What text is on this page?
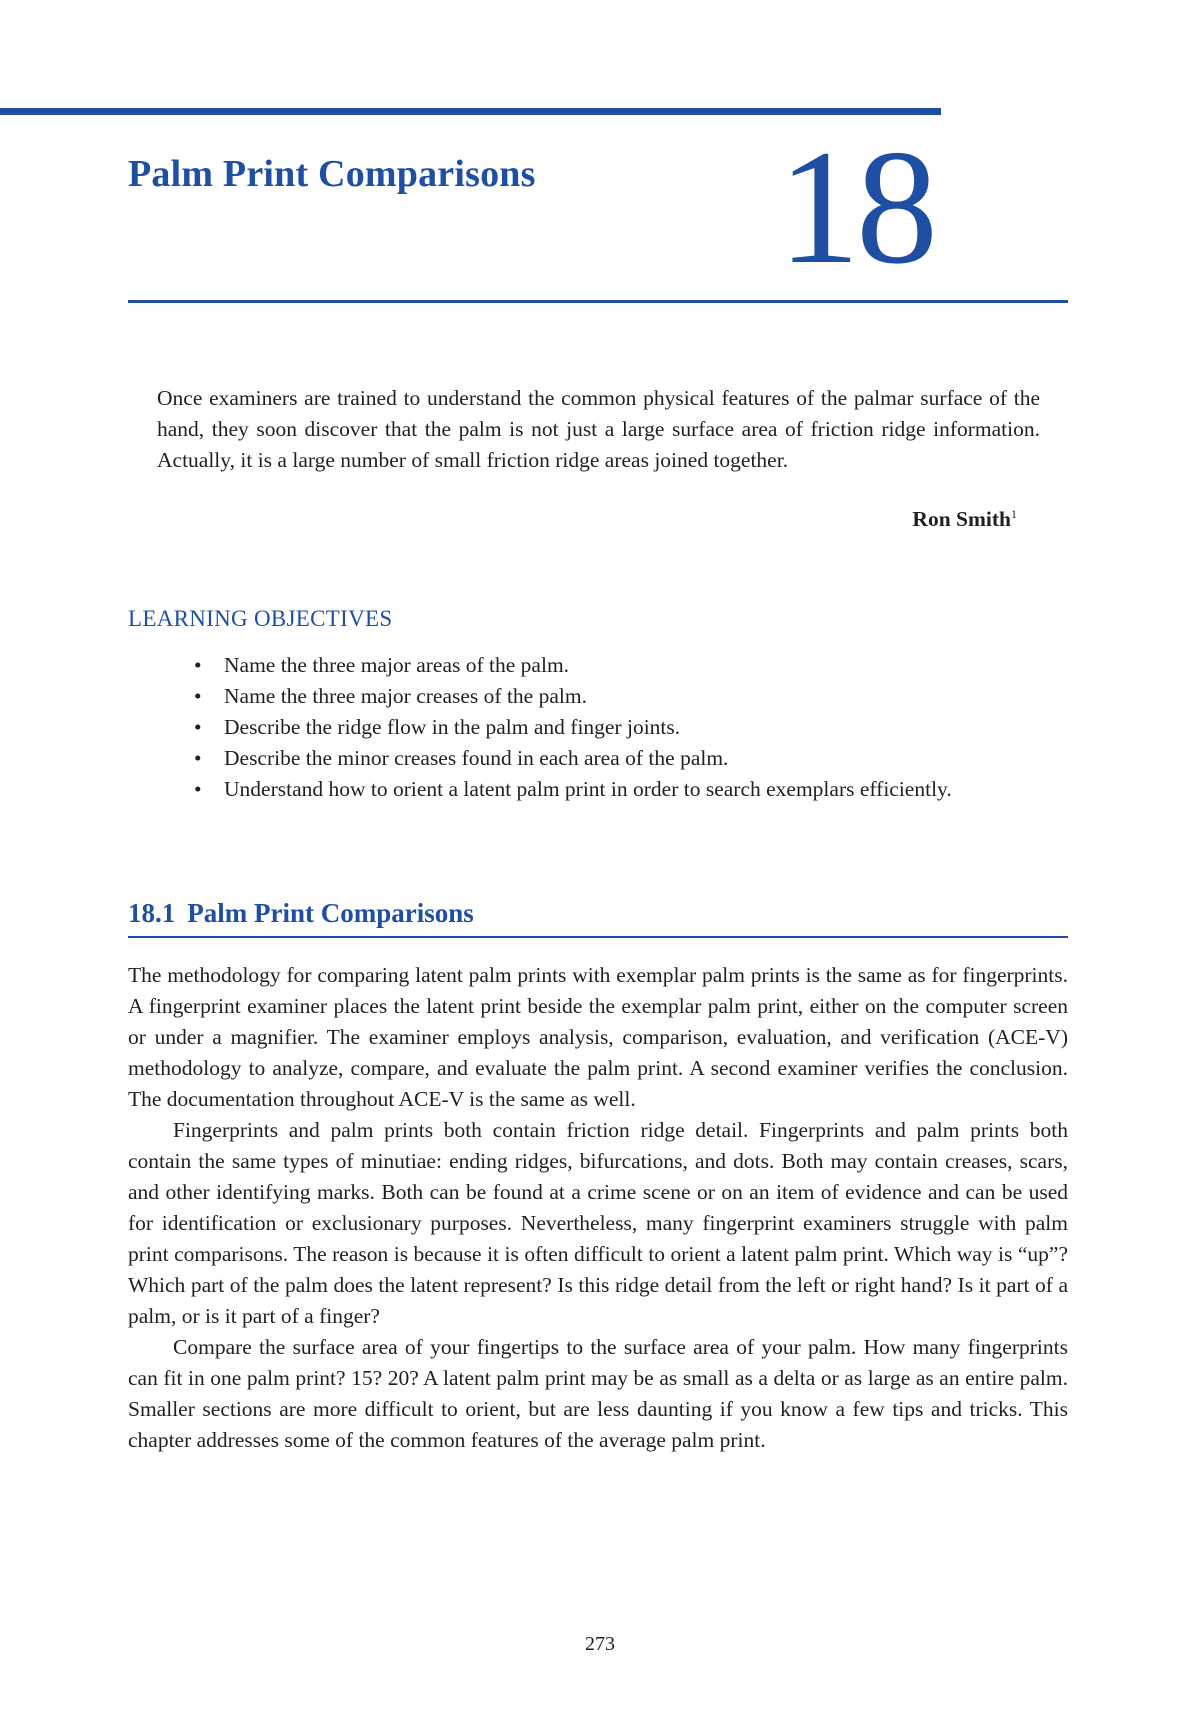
Palm Print Comparisons 18
Once examiners are trained to understand the common physical features of the palmar surface of the hand, they soon discover that the palm is not just a large surface area of friction ridge information. Actually, it is a large number of small friction ridge areas joined together.
Ron Smith$^1$
LEARNING OBJECTIVES
• Name the three major areas of the palm.
• Name the three major creases of the palm.
• Describe the ridge flow in the palm and finger joints.
• Describe the minor creases found in each area of the palm.
• Understand how to orient a latent palm print in order to search exemplars efficiently.
18.1 Palm Print Comparisons

The methodology for comparing latent palm prints with exemplar palm prints is the same as for fingerprints. A fingerprint examiner places the latent print beside the exemplar palm print, either on the computer screen or under a magnifier. The examiner employs analysis, comparison, evaluation, and verification (ACE-V) methodology to analyze, compare, and evaluate the palm print. A second examiner verifies the conclusion. The documentation throughout ACE-V is the same as well.

Fingerprints and palm prints both contain friction ridge detail. Fingerprints and palm prints both contain the same types of minutiae: ending ridges, bifurcations, and dots. Both may contain creases, scars, and other identifying marks. Both can be found at a crime scene or on an item of evidence and can be used for identification or exclusionary purposes. Nevertheless, many fingerprint examiners struggle with palm print comparisons. The reason is because it is often difficult to orient a latent palm print. Which way is “up”? Which part of the palm does the latent represent? Is this ridge detail from the left or right hand? Is it part of a palm, or is it part of a finger?

Compare the surface area of your fingertips to the surface area of your palm. How many fingerprints can fit in one palm print? 15? 20? A latent palm print may be as small as a delta or as large as an entire palm. Smaller sections are more difficult to orient, but are less daunting if you know a few tips and tricks. This chapter addresses some of the common features of the average palm print.

273
